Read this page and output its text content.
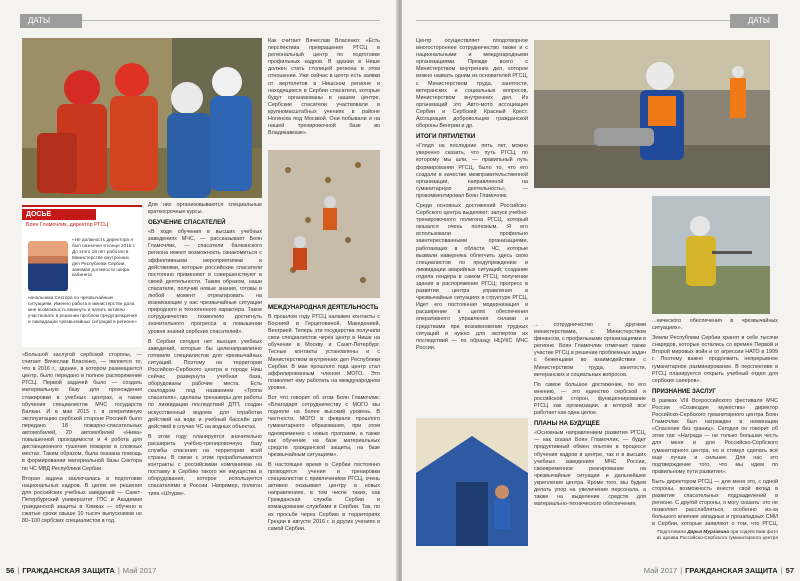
ДАТЫ
ДОСЬЕ
Боян Гламочлик, директор РГСЦ
«Не должность директора я был назначен в конце 2015 г. До этого 18 лет работал в Министерстве внутренних дел Республики Сербии, занимая должности шефа кабинета
начальника Сектора по чрезвычайным ситуациям. Именно работа в министерстве дала мне возможность вникнуть и начать активно участвовать в решении проблем предупреждения и ликвидации чрезвычайных ситуаций в регионе»

«Большой заслугой сербской стороны, — считает Вячеслав Власенко, — является то, что в 2016 г., здание, в котором размещается центр, было передано в полное распоряжение РГСЦ. Первой задачей было — создать материальную базу для прохождения стажировки в учебных центрах, а также обучения специалистов МЧС государств Балкан. И в мае 2015 г. в оперативную эксплуатацию сербской стороне Россией было передано 18 пожарно-спасательных автомобилей, 20 автомобилей «Нива» повышенной проходимости и 4 робота для дистанционного тушения пожаров в сложных местах. Таким образом, была оказана помощь в формировании материальной базы Сектора по ЧС МВД Республики Сербии.

Вторая задача заключалась в подготовке национальных кадров. В целях ее решения для российских учебных заведений — Санкт-Петербургский университет ГПС и Академия гражданской защиты в Химках — обучено в сжатые сроки свыше 10 тысяч выпускников но 80–100 сербских специалистов в год.

Для них организовываются специальные краткосрочные курсы.

ОБУЧЕНИЕ СПАСАТЕЛЕЙ

«В ходе обучения в высших учебных заведениях МЧС, — рассказывает Боян Гламочлик, — спасатели балканского региона имеют возможность ознакомиться с эффективными мероприятиями и действиями, которые российские спасатели постоянно применяют и совершенствуют в своей деятельности. Таким образом, наши спасатели, получив новые знания, готовы в любой момент отреагировать на возникающие у нас чрезвычайные ситуации природного и техногенного характера. Такое сотрудничество позволило достигнуть значительного прогресса в повышении уровня знаний сербских спасателей».

В Сербии сегодня нет высших учебных заведений, которые бы целенаправленно готовили специалистов для чрезвычайных ситуаций. Поэтому на территории Российско-Сербского центра в городе Ниш сейчас развернута учебная база, оборудованы рабочие места. Есть скалодром под названием «Тропа спасателя», сделаны тренажеры для работы по ликвидации последствий ДТП, создан искусственный водоем для отработки действий на воде и учебный бассейн для действий в случае ЧС на водных объектах.

В этом году планируется значительно расширить учебно-тренировочную базу службы спасения на территории всей страны. В связи с этим прорабатываются контракты с российскими компаниями на поставку в Сербию такого же имущества и оборудования, которое используется спасателями в России. Например, полигон типа «Штурм».

Как считает Вячеслав Власенко: «Есть перспектива превращения РГСЦ в региональный центр по подготовке профильных кадров. В здании в Нише должен стать столицей региона в этом отношении. Уже сейчас в центр есть заявки от вертолетов в Нишском регионе и находящиеся в Сербии спасатели, которые будут организованы в нашем центре. Сербские спасатели участвовали в крупномасштабных учениях в районе Ногинска под Москвой. Они побывали и на нашей тренировочной базе во Владикавказе».

МЕЖДУНАРОДНАЯ ДЕЯТЕЛЬНОСТЬ

В прошлом году РГСЦ налажен контакты с Боснией и Герцеговиной, Македонией, Венгрией. Теперь эти государства получили свои специалистов через центр в Нише на обучение в Москву и Санкт-Петербург. Тесные контакты установлены и с Министерством внутренних дел Республики Сербии. В мае прошлого года центр стал аффилированным членом МОГО. Это позволяет ему работать на международном уровне.

Вот что говорит об этом Боян Гламочлик: «Благодаря сотрудничеству с МОГО мы подняли на более высокий уровень. В частности, МОГО в феврале прошлого гуманитарного образования, при этом одновременно с новых программ, а также как обучение на базе материальных средств гражданской защиты, на базе чрезвычайным ситуациям».

В настоящее время в Сербии постоянно проводятся учения и тренировки специалистов с привлечением РГСЦ, очень активно оказывает центру в новых направлениях, в том числе таких, как Гражданская служба Сербии и командование службами в Сербии. Так, по их просьбе через Сербию в территориях Греции в августе 2016 г. и других учениях в самой Сербии.

56 | ГРАЖДАНСКАЯ ЗАЩИТА | Май 2017
ДАТЫ

Центр осуществляет плодотворное многостороннее сотрудничество также и с национальными и международными организациями. Прежде всего с Министерством внутренних дел, которое можно назвать одним из основателей РГСЦ, с Министерством труда, занятости, ветеранских и социальных вопросов, Министерством внутренних дел. Из организаций это Авто-мото ассоциация Сербии и Сербский Красный Крест. Ассоциация добровольцев гражданской обороны Венгрии и др.

ИТОГИ ПЯТИЛЕТКИ

«Глядя на последние пять лет, можно уверенно сказать, что путь РГСЦ, по которому мы шли, — правильный путь формирования РГСЦ, было то, что его создали в качестве межправительственной организации, направленной на гуманитарную деятельность», — прокомментировал Боян Гламочлик.

Среди основных достижений Российско-Сербского центра выделяют: запуск учебно-тренировочного полигона РГСЦ, который оказался очень полезным. Я его использовали профильно заинтересованными организациями, работающих в области ЧС, которые вызвали наверняка облегчить здесь свою специалистов по предупреждению и ликвидации аварийных ситуаций; создание отдела гендера в самом РГСЦ; получение здания в распоряжение РГСЦ; прогресс в развитии центра управления в чрезвычайных ситуациях в структуре РГСЦ. Идет его постоянная модернизация и расширение в целях обеспечения оперативного управления силами и средствами при возникновении трудных ситуаций и нужно для экспертов их последствий — по образцу НЦУКС МЧС России.

... сотрудничество с другими министерствами, с Министерством финансов, с профильными организациями в регионе. Боян Гламочлик отмечает также участие РГСЦ в решении проблемных задач с беженцами во взаимодействии с Министерством труда, занятости, ветеранских и социальных вопросов.

По самое большое достижение, по его мнению, — это единство сербской и российской сторон, функционирование РГСЦ как организации, в которой все работает как одна целое.

ПЛАНЫ НА БУДУЩЕЕ

«Основным направлением развития РГСЦ, — как сказал Боян Гламочлик, — будет продуктивный обмен опытом в процессе обучения кадров в центре, так и в высших учебных заведениях МЧС России, своевременное реагирование на чрезвычайные ситуации и дальнейшее укрепление центра. Кроме того, мы будем делать упор на увеличение персонала, а также на выделение средств для материально-технического обеспечения.

...нического обеспечения в чрезвычайных ситуациях».

Земли Республики Сербии хранят в себе тысячи снарядов, которые остались со времен Первой и Второй мировых войн и от агрессии НАТО в 1999 г. Поэтому важно продолжить непрерывное гуманитарное разминирование. В перспективе в РГСЦ планируется открыть учебный отдел для сербских саперов».

ПРИЗНАНИЕ ЗАСЛУГ

В рамках VIII Всероссийского фестиваля МЧС России «Созвездие мужества» директор Российско-Сербского гуманитарного центра Боян Гламочлик был награжден в номинации «Спасение без границ». Сегодня он говорит об этом так: «Награда — не только большая честь для меня и для Российско-Сербского гуманитарного центра, но и стимул сделать всё еще лучше и сильнее. Для нас это подтверждение того, что мы идем по правильному пути развития».

Быть директором РГСЦ — для меня это, с одной стороны, возможность внести свой вклад в развитие спасательных подразделений в регионе. С другой стороны, я могу сказать: это не позволяет расслабляться, особенно из-за большого влияния западных и прозападных СМИ в Сербии, которые заявляют о том, что РГСЦ,

Подготовила Дарья Мурзагина при содействии фото из архива Российско-Сербского гуманитарного центра
Май 2017 | ГРАЖДАНСКАЯ ЗАЩИТА | 57
